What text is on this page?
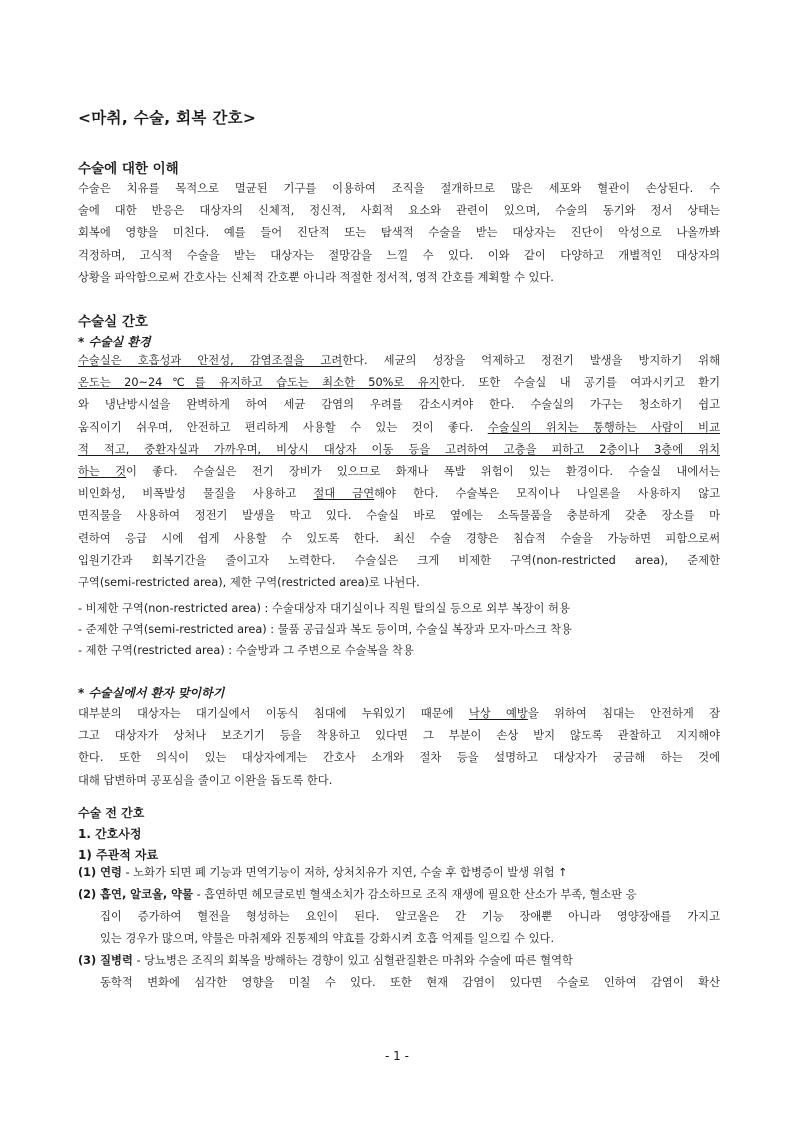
<마취, 수술, 회복 간호>
수술에 대한 이해
수술은 치유를 목적으로 멸균된 기구를 이용하여 조직을 절개하므로 많은 세포와 혈관이 손상된다. 수
술에 대한 반응은 대상자의 신체적, 정신적, 사회적 요소와 관련이 있으며, 수술의 동기와 정서 상태는
회복에 영향을 미친다. 예를 들어 진단적 또는 탐색적 수술을 받는 대상자는 진단이 악성으로 나올까봐
걱정하며, 고식적 수술을 받는 대상자는 절망감을 느낄 수 있다. 이와 같이 다양하고 개별적인 대상자의
상황을 파악함으로써 간호사는 신체적 간호뿐 아니라 적절한 정서적, 영적 간호를 계획할 수 있다.
수술실 간호
* 수술실 환경
수술실은 호흡성과 안전성, 감염조절을 고려한다. 세균의 성장을 억제하고 정전기 발생을 방지하기 위해
온도는 20~24℃를 유지하고 습도는 최소한 50%로 유지한다. 또한 수술실 내 공기를 여과시키고 환기
와 냉난방시설을 완벽하게 하여 세균 감염의 우려를 감소시켜야 한다. 수술실의 가구는 청소하기 쉽고
움직이기 쉬우며, 안전하고 편리하게 사용할 수 있는 것이 좋다. 수술실의 위치는 통행하는 사람이 비교
적 적고, 중환자실과 가까우며, 비상시 대상자 이동 등을 고려하여 고층을 피하고 2층이나 3층에 위치
하는 것이 좋다. 수술실은 전기 장비가 있으므로 화재나 폭발 위험이 있는 환경이다. 수술실 내에서는
비인화성, 비폭발성 물질을 사용하고 절대 금연해야 한다. 수술복은 모직이나 나일론을 사용하지 않고
면직물을 사용하여 정전기 발생을 막고 있다. 수술실 바로 옆에는 소독물품을 충분하게 갖춘 장소를 마
련하여 응급 시에 쉽게 사용할 수 있도록 한다. 최신 수술 경향은 침습적 수술을 가능하면 피함으로써
입원기간과 회복기간을 줄이고자 노력한다. 수술실은 크게 비제한 구역(non-restricted area), 준제한
구역(semi-restricted area), 제한 구역(restricted area)로 나뉜다.
- 비제한 구역(non-restricted area) : 수술대상자 대기실이나 직원 탈의실 등으로 외부 복장이 허용
- 준제한 구역(semi-restricted area) : 물품 공급실과 복도 등이며, 수술실 복장과 모자·마스크 착용
- 제한 구역(restricted area) : 수술방과 그 주변으로 수술복을 착용
* 수술실에서 환자 맞이하기
대부분의 대상자는 대기실에서 이동식 침대에 누워있기 때문에 낙상 예방을 위하여 침대는 안전하게 잠
그고 대상자가 상처나 보조기기 등을 착용하고 있다면 그 부분이 손상 받지 않도록 관찰하고 지지해야
한다. 또한 의식이 있는 대상자에게는 간호사 소개와 절차 등을 설명하고 대상자가 궁금해 하는 것에
대해 답변하며 공포심을 줄이고 이완을 돕도록 한다.
수술 전 간호
1. 간호사정
1) 주관적 자료
(1) 연령 - 노화가 되면 폐 기능과 면역기능이 저하, 상처치유가 지연, 수술 후 합병증이 발생 위험 ↑
(2) 흡연, 알코올, 약물 - 흡연하면 헤모글로빈 혈색소치가 감소하므로 조직 재생에 필요한 산소가 부족, 혈소판 응
집이 증가하여 혈전을 형성하는 요인이 된다. 알코올은 간 기능 장애뿐 아니라 영양장애를 가지고
있는 경우가 많으며, 약물은 마취제와 진통제의 약효를 강화시켜 호흡 억제를 일으킬 수 있다.
(3) 질병력 - 당뇨병은 조직의 회복을 방해하는 경향이 있고 심혈관질환은 마취와 수술에 따른 혈역학
동학적 변화에 심각한 영향을 미칠 수 있다. 또한 현재 감염이 있다면 수술로 인하여 감염이 확산
- 1 -
